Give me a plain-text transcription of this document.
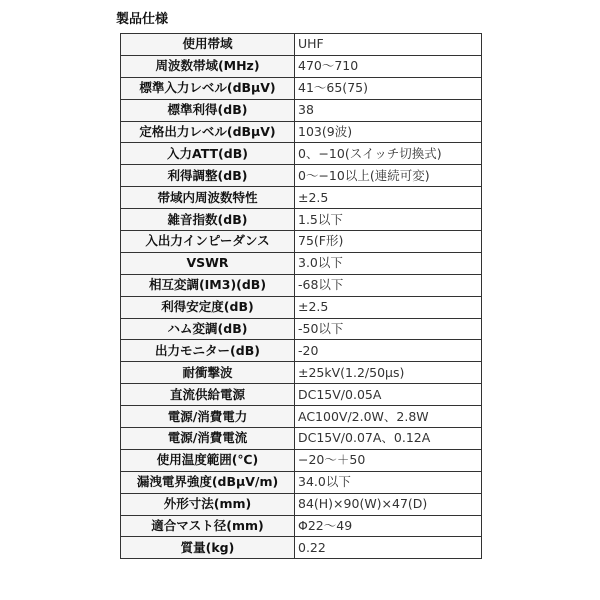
製品仕様
使用帯域	UHF
周波数帯域(MHz)	470〜710
標準入力レベル(dBμV)	41〜65(75)
標準利得(dB)	38
定格出力レベル(dBμV)	103(9波)
入力ATT(dB)	0、−10(スイッチ切換式)
利得調整(dB)	0〜−10以上(連続可変)
帯域内周波数特性	±2.5
雑音指数(dB)	1.5以下
入出力インピーダンス	75(F形)
VSWR	3.0以下
相互変調(IM3)(dB)	-68以下
利得安定度(dB)	±2.5
ハム変調(dB)	-50以下
出力モニター(dB)	-20
耐衝撃波	±25kV(1.2/50μs)
直流供給電源	DC15V/0.05A
電源/消費電力	AC100V/2.0W、2.8W
電源/消費電流	DC15V/0.07A、0.12A
使用温度範囲(℃)	−20〜＋50
漏洩電界強度(dBμV/m)	34.0以下
外形寸法(mm)	84(H)×90(W)×47(D)
適合マスト径(mm)	Φ22〜49
質量(kg)	0.22
